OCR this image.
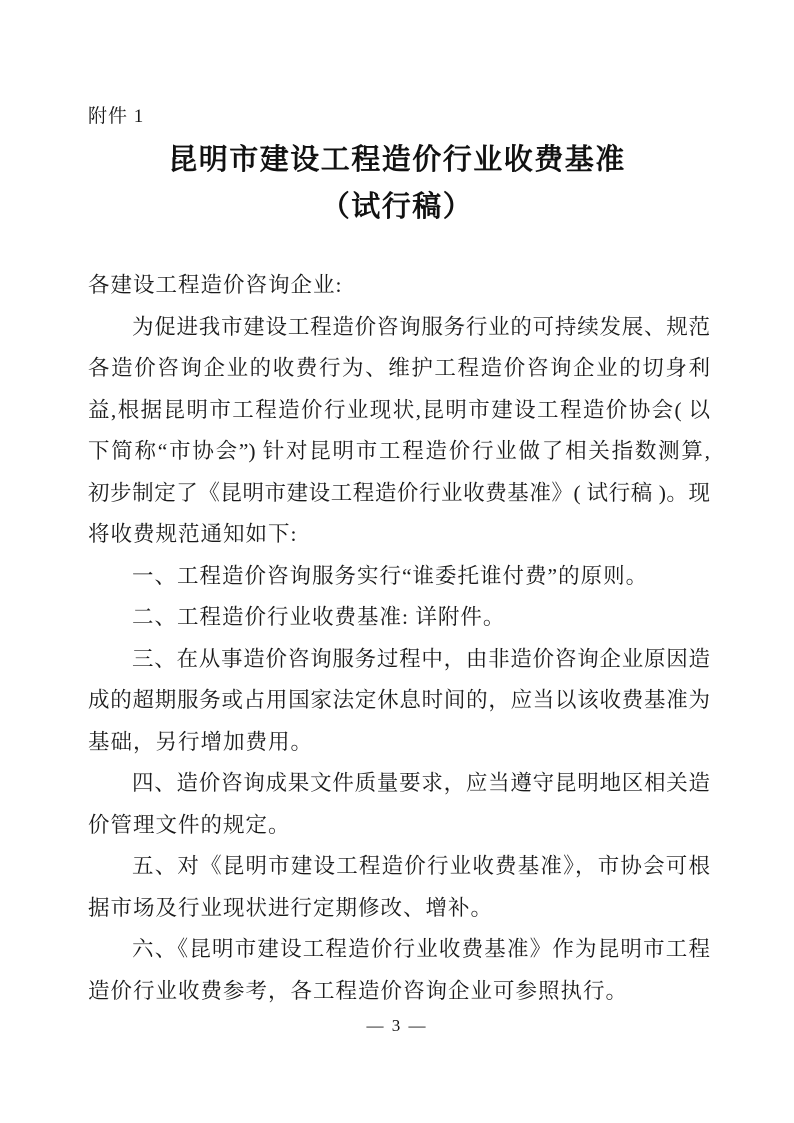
附件 1
昆明市建设工程造价行业收费基准
（试行稿）
各建设工程造价咨询企业:
为促进我市建设工程造价咨询服务行业的可持续发展、规范
各造价咨询企业的收费行为、维护工程造价咨询企业的切身利
益,根据昆明市工程造价行业现状,昆明市建设工程造价协会( 以
下简称“市协会”) 针对昆明市工程造价行业做了相关指数测算,
初步制定了《昆明市建设工程造价行业收费基准》( 试行稿 )。现
将收费规范通知如下:
一、工程造价咨询服务实行“谁委托谁付费”的原则。
二、工程造价行业收费基准: 详附件。
三、在从事造价咨询服务过程中，由非造价咨询企业原因造
成的超期服务或占用国家法定休息时间的，应当以该收费基准为
基础，另行增加费用。
四、造价咨询成果文件质量要求，应当遵守昆明地区相关造
价管理文件的规定。
五、对《昆明市建设工程造价行业收费基准》，市协会可根
据市场及行业现状进行定期修改、增补。
六、《昆明市建设工程造价行业收费基准》作为昆明市工程
造价行业收费参考，各工程造价咨询企业可参照执行。
— 3 —
